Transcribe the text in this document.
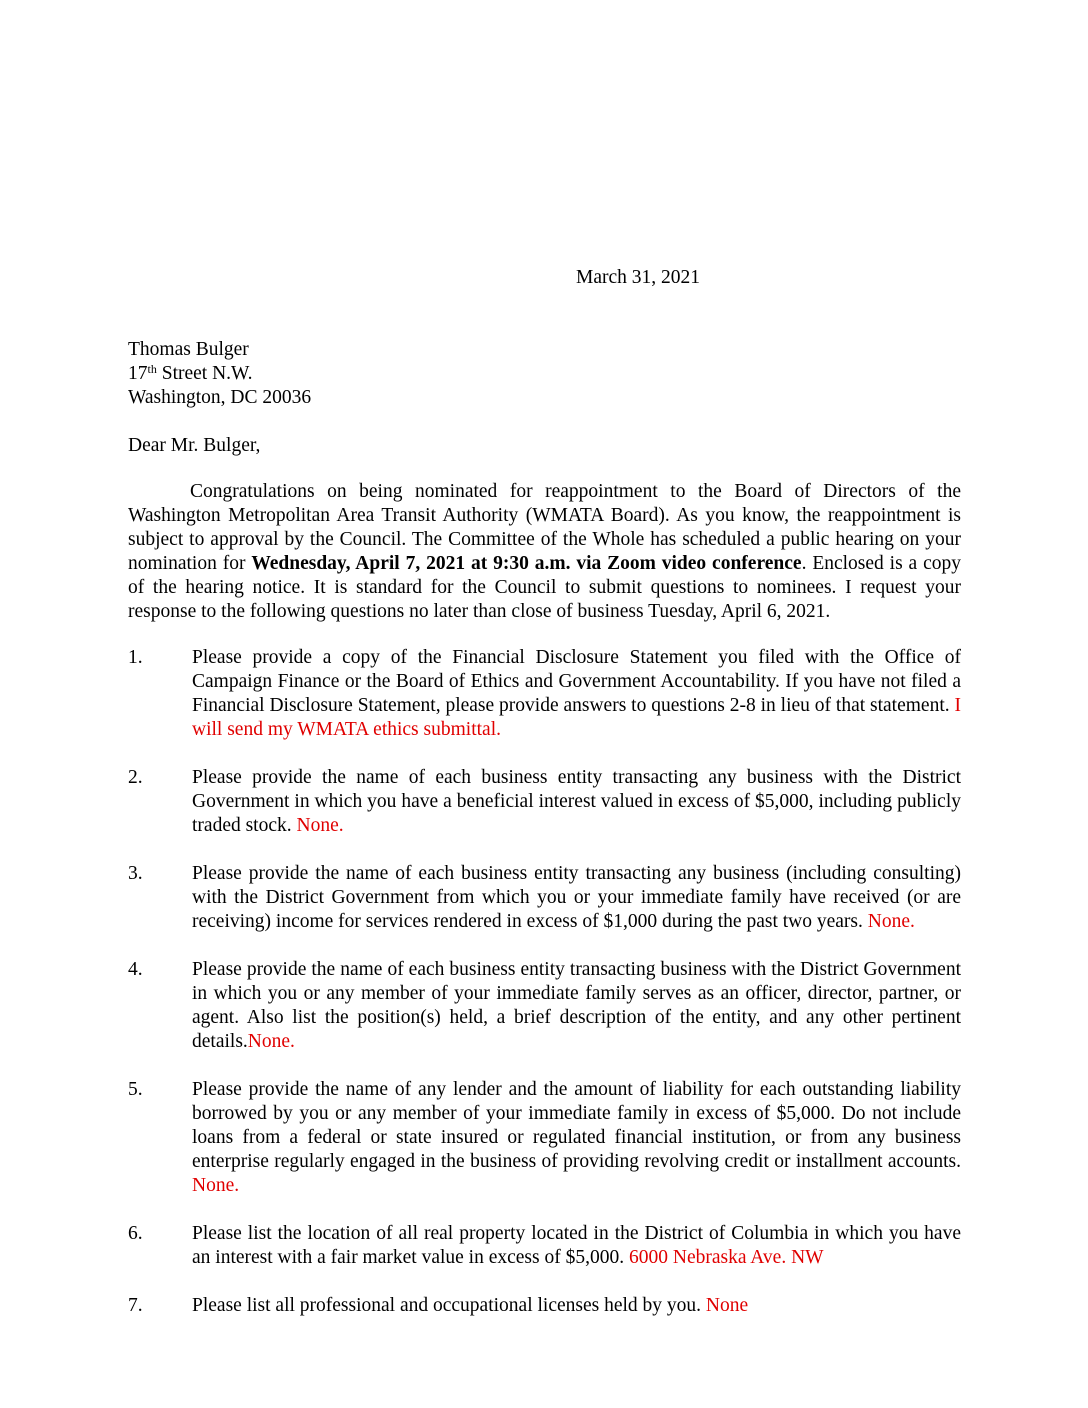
March 31, 2021
Thomas Bulger
17th Street N.W.
Washington, DC 20036
Dear Mr. Bulger,
Congratulations on being nominated for reappointment to the Board of Directors of the Washington Metropolitan Area Transit Authority (WMATA Board). As you know, the reappointment is subject to approval by the Council. The Committee of the Whole has scheduled a public hearing on your nomination for Wednesday, April 7, 2021 at 9:30 a.m. via Zoom video conference. Enclosed is a copy of the hearing notice. It is standard for the Council to submit questions to nominees. I request your response to the following questions no later than close of business Tuesday, April 6, 2021.
1.	Please provide a copy of the Financial Disclosure Statement you filed with the Office of Campaign Finance or the Board of Ethics and Government Accountability. If you have not filed a Financial Disclosure Statement, please provide answers to questions 2-8 in lieu of that statement. I will send my WMATA ethics submittal.
2.	Please provide the name of each business entity transacting any business with the District Government in which you have a beneficial interest valued in excess of $5,000, including publicly traded stock. None.
3.	Please provide the name of each business entity transacting any business (including consulting) with the District Government from which you or your immediate family have received (or are receiving) income for services rendered in excess of $1,000 during the past two years. None.
4.	Please provide the name of each business entity transacting business with the District Government in which you or any member of your immediate family serves as an officer, director, partner, or agent. Also list the position(s) held, a brief description of the entity, and any other pertinent details.None.
5.	Please provide the name of any lender and the amount of liability for each outstanding liability borrowed by you or any member of your immediate family in excess of $5,000. Do not include loans from a federal or state insured or regulated financial institution, or from any business enterprise regularly engaged in the business of providing revolving credit or installment accounts. None.
6.	Please list the location of all real property located in the District of Columbia in which you have an interest with a fair market value in excess of $5,000. 6000 Nebraska Ave. NW
7.	Please list all professional and occupational licenses held by you. None
